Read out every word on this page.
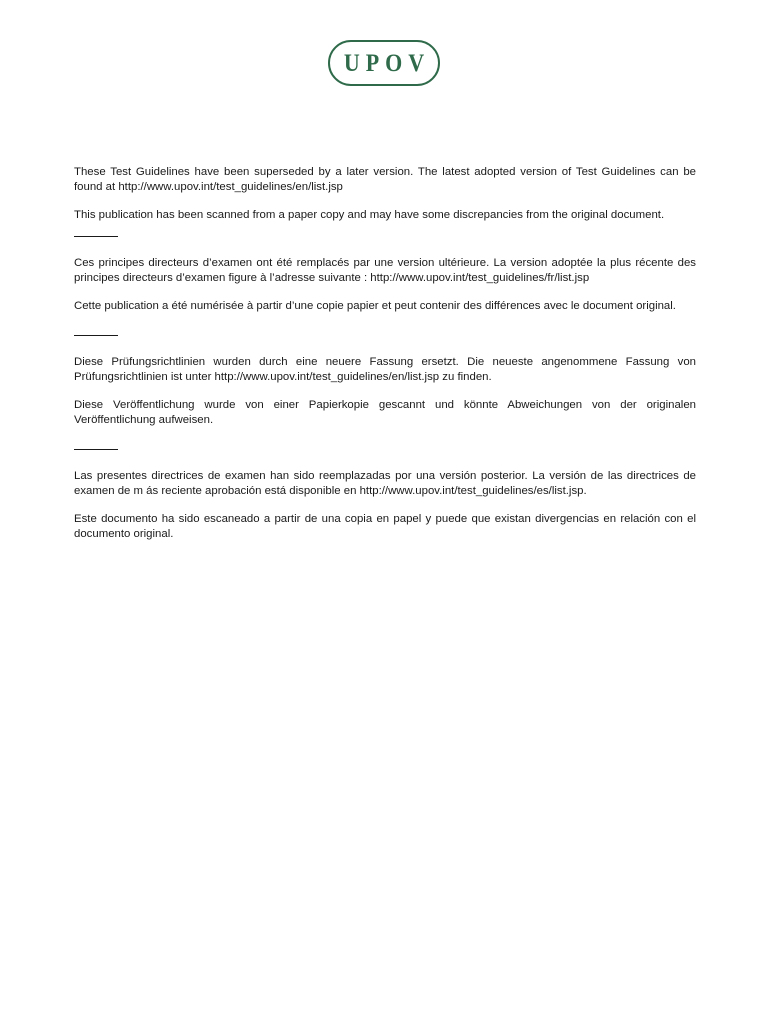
UPOV

These Test Guidelines have been superseded by a later version. The latest adopted version of Test Guidelines can be found at http://www.upov.int/test_guidelines/en/list.jsp

This publication has been scanned from a paper copy and may have some discrepancies from the original document.

Ces principes directeurs d’examen ont été remplacés par une version ultérieure. La version adoptée la plus récente des principes directeurs d’examen figure à l’adresse suivante : http://www.upov.int/test_guidelines/fr/list.jsp

Cette publication a été numérisée à partir d’une copie papier et peut contenir des différences avec le document original.

Diese Prüfungsrichtlinien wurden durch eine neuere Fassung ersetzt. Die neueste angenommene Fassung von Prüfungsrichtlinien ist unter http://www.upov.int/test_guidelines/en/list.jsp zu finden.

Diese Veröffentlichung wurde von einer Papierkopie gescannt und könnte Abweichungen von der originalen Veröffentlichung aufweisen.

Las presentes directrices de examen han sido reemplazadas por una versión posterior. La versión de las directrices de examen de m ás reciente aprobación está disponible en http://www.upov.int/test_guidelines/es/list.jsp.

Este documento ha sido escaneado a partir de una copia en papel y puede que existan divergencias en relación con el documento original.
